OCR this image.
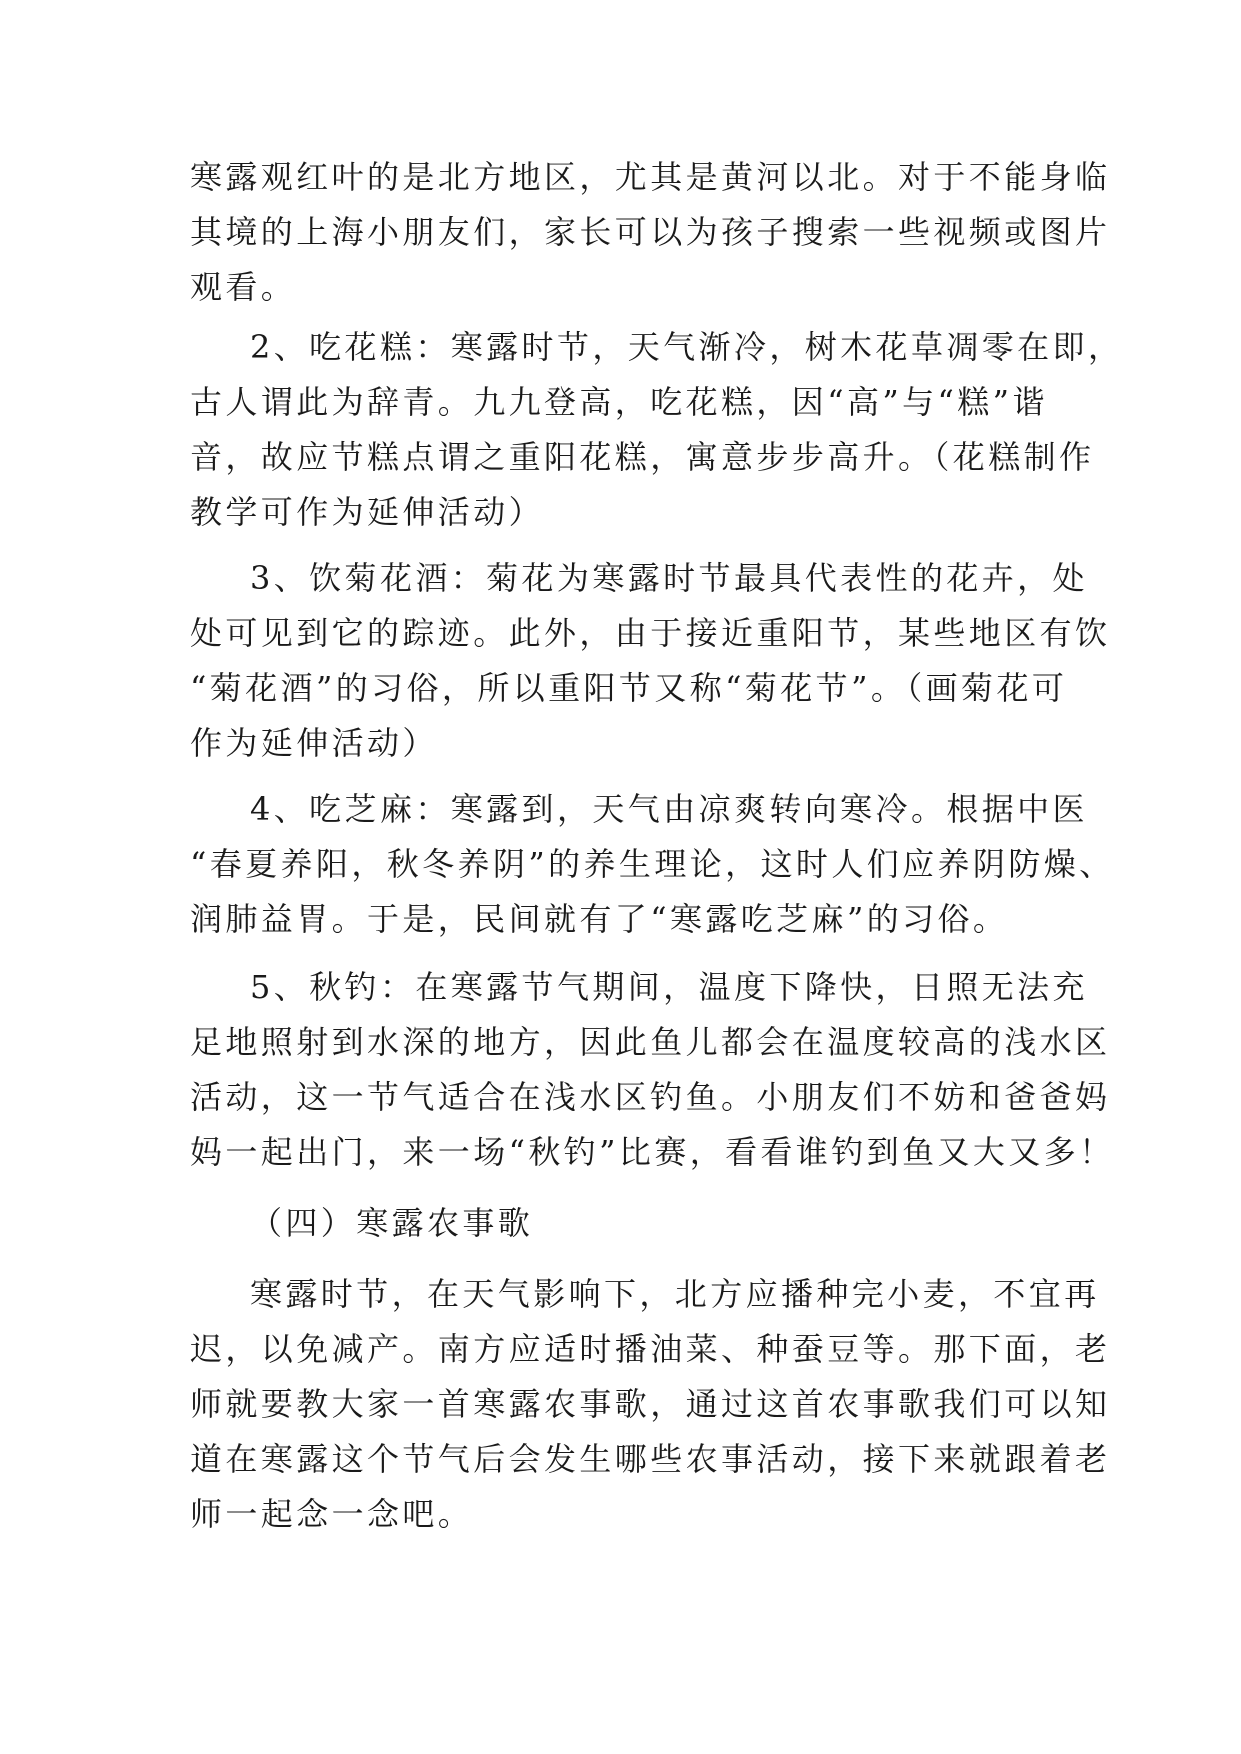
寒露观红叶的是北方地区，尤其是黄河以北。对于不能身临

其境的上海小朋友们，家长可以为孩子搜索一些视频或图片

观看。

2、吃花糕：寒露时节，天气渐冷，树木花草凋零在即，

古人谓此为辞青。九九登高，吃花糕，因“高”与“糕”谐

音，故应节糕点谓之重阳花糕，寓意步步高升。（花糕制作

教学可作为延伸活动）

3、饮菊花酒：菊花为寒露时节最具代表性的花卉，处

处可见到它的踪迹。此外，由于接近重阳节，某些地区有饮

“菊花酒”的习俗，所以重阳节又称“菊花节”。（画菊花可

作为延伸活动）

4、吃芝麻：寒露到，天气由凉爽转向寒冷。根据中医

“春夏养阳，秋冬养阴”的养生理论，这时人们应养阴防燥、

润肺益胃。于是，民间就有了“寒露吃芝麻”的习俗。

5、秋钓：在寒露节气期间，温度下降快，日照无法充

足地照射到水深的地方，因此鱼儿都会在温度较高的浅水区

活动，这一节气适合在浅水区钓鱼。小朋友们不妨和爸爸妈

妈一起出门，来一场“秋钓”比赛，看看谁钓到鱼又大又多！

（四）寒露农事歌

寒露时节，在天气影响下，北方应播种完小麦，不宜再

迟，以免减产。南方应适时播油菜、种蚕豆等。那下面，老

师就要教大家一首寒露农事歌，通过这首农事歌我们可以知

道在寒露这个节气后会发生哪些农事活动，接下来就跟着老

师一起念一念吧。
